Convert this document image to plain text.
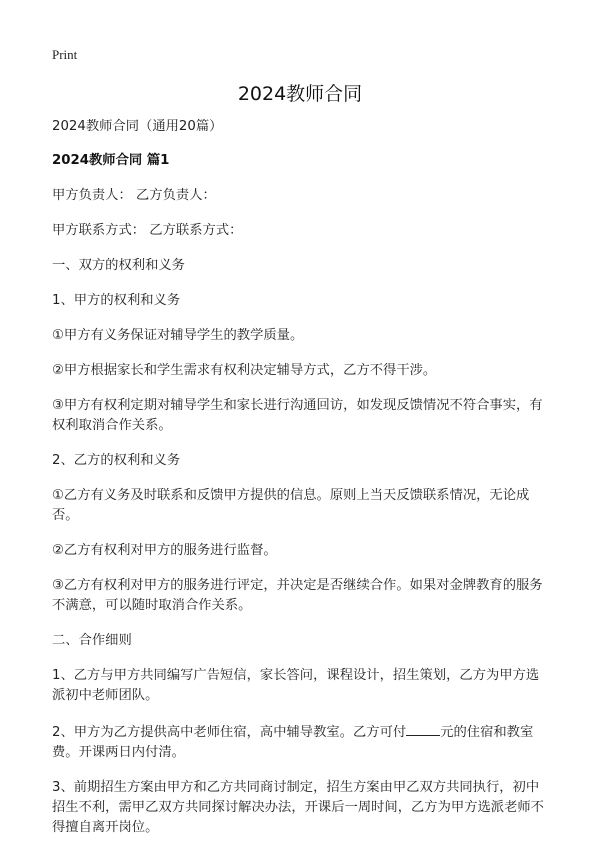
Print
2024教师合同

2024教师合同（通用20篇）

2024教师合同 篇1

甲方负责人： 乙方负责人：

甲方联系方式： 乙方联系方式：

一、双方的权利和义务

1、甲方的权利和义务

①甲方有义务保证对辅导学生的教学质量。

②甲方根据家长和学生需求有权利决定辅导方式，乙方不得干涉。

③甲方有权利定期对辅导学生和家长进行沟通回访，如发现反馈情况不符合事实，有权利取消合作关系。

2、乙方的权利和义务

①乙方有义务及时联系和反馈甲方提供的信息。原则上当天反馈联系情况，无论成否。

②乙方有权利对甲方的服务进行监督。

③乙方有权利对甲方的服务进行评定，并决定是否继续合作。如果对金牌教育的服务不满意，可以随时取消合作关系。

二、合作细则

1、乙方与甲方共同编写广告短信，家长答问，课程设计，招生策划，乙方为甲方选派初中老师团队。

2、甲方为乙方提供高中老师住宿，高中辅导教室。乙方可付	元的住宿和教室费。开课两日内付清。

3、前期招生方案由甲方和乙方共同商讨制定，招生方案由甲乙双方共同执行，初中招生不利，需甲乙双方共同探讨解决办法，开课后一周时间，乙方为甲方选派老师不得擅自离开岗位。
